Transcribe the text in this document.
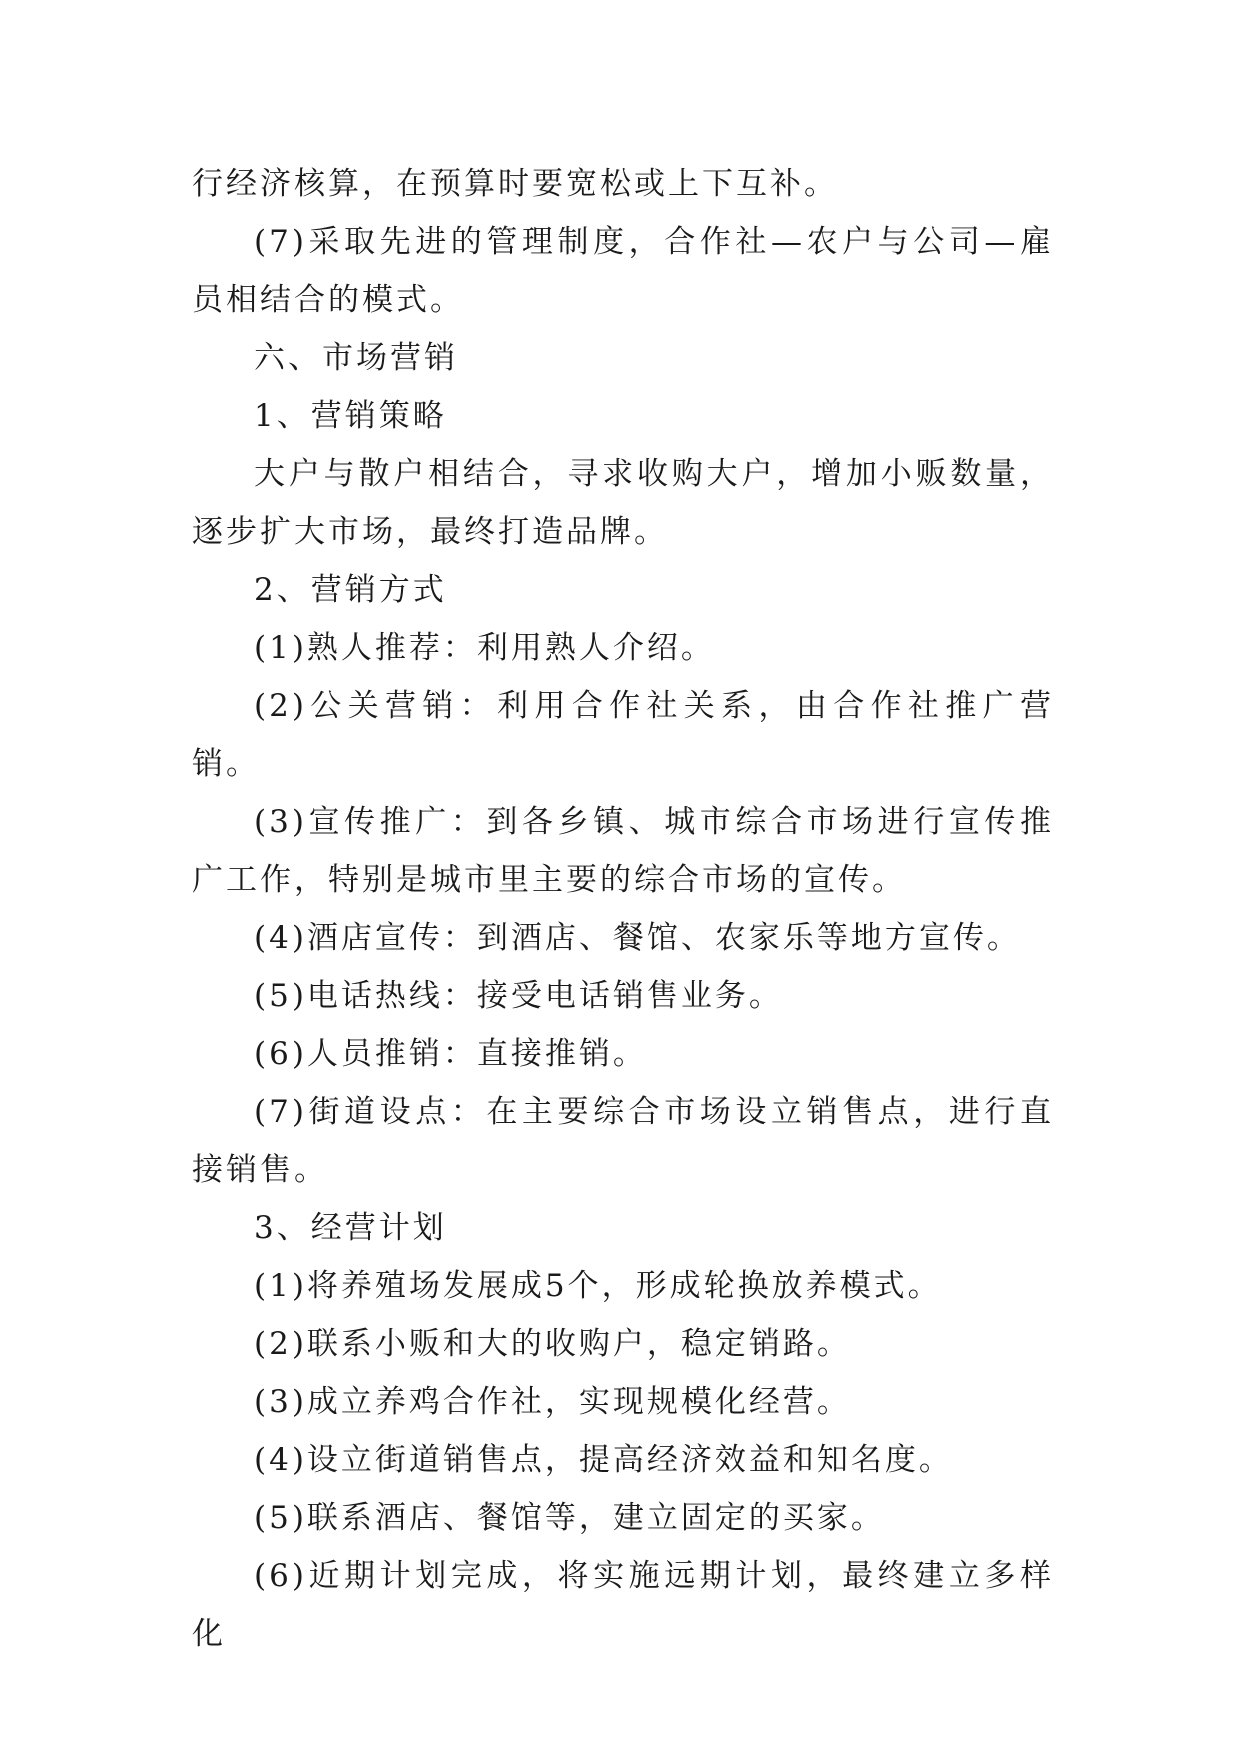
行经济核算，在预算时要宽松或上下互补。

(7)采取先进的管理制度，合作社—农户与公司—雇员相结合的模式。

六、市场营销

1、营销策略

大户与散户相结合，寻求收购大户，增加小贩数量，逐步扩大市场，最终打造品牌。

2、营销方式

(1)熟人推荐：利用熟人介绍。

(2)公关营销：利用合作社关系，由合作社推广营销。

(3)宣传推广：到各乡镇、城市综合市场进行宣传推广工作，特别是城市里主要的综合市场的宣传。

(4)酒店宣传：到酒店、餐馆、农家乐等地方宣传。

(5)电话热线：接受电话销售业务。

(6)人员推销：直接推销。

(7)街道设点：在主要综合市场设立销售点，进行直接销售。

3、经营计划

(1)将养殖场发展成5个，形成轮换放养模式。

(2)联系小贩和大的收购户，稳定销路。

(3)成立养鸡合作社，实现规模化经营。

(4)设立街道销售点，提高经济效益和知名度。

(5)联系酒店、餐馆等，建立固定的买家。

(6)近期计划完成，将实施远期计划，最终建立多样化
